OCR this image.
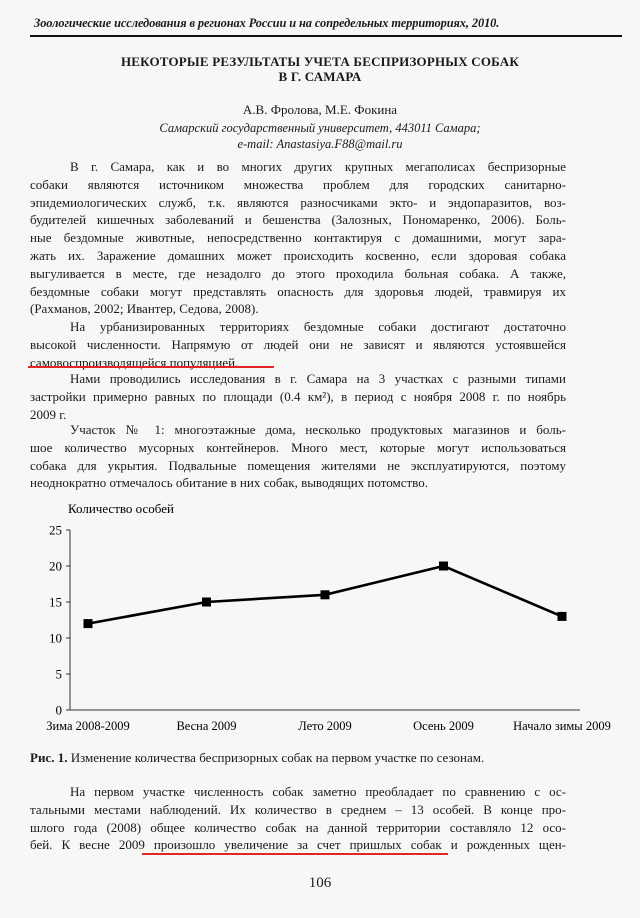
Зоологические исследования в регионах России и на сопредельных территориях, 2010.
НЕКОТОРЫЕ РЕЗУЛЬТАТЫ УЧЕТА БЕСПРИЗОРНЫХ СОБАК
В Г. САМАРА
А.В. Фролова, М.Е. Фокина
Самарский государственный университет, 443011 Самара;
e-mail: Anastasiya.F88@mail.ru
В г. Самара, как и во многих других крупных мегаполисах беспризорные
собаки являются источником множества проблем для городских санитарно-
эпидемиологических служб, т.к. являются разносчиками экто- и эндопаразитов, воз-
будителей кишечных заболеваний и бешенства (Залозных, Пономаренко, 2006). Боль-
ные бездомные животные, непосредственно контактируя с домашними, могут зара-
жать их. Заражение домашних может происходить косвенно, если здоровая собака
выгуливается в месте, где незадолго до этого проходила больная собака. А также,
бездомные собаки могут представлять опасность для здоровья людей, травмируя их
(Рахманов, 2002; Ивантер, Седова, 2008).
На урбанизированных территориях бездомные собаки достигают достаточно
высокой численности. Напрямую от людей они не зависят и являются устоявшейся
самовоспроизводящейся популяцией.
Нами проводились исследования в г. Самара на 3 участках с разными типами
застройки примерно равных по площади (0.4 км²), в период с ноября 2008 г. по ноябрь
2009 г.
Участок № 1: многоэтажные дома, несколько продуктовых магазинов и боль-
шое количество мусорных контейнеров. Много мест, которые могут использоваться
собака для укрытия. Подвальные помещения жителями не эксплуатируются, поэтому
неоднократно отмечалось обитание в них собак, выводящих потомство.
Количество особей
0
5
10
15
20
25
Зима 2008-2009	Весна 2009	Лето 2009	Осень 2009	Начало зимы 2009
Рис. 1. Изменение количества беспризорных собак на первом участке по сезонам.
На первом участке численность собак заметно преобладает по сравнению с ос-
тальными местами наблюдений. Их количество в среднем – 13 особей. В конце про-
шлого года (2008) общее количество собак на данной территории составляло 12 осо-
бей. К весне 2009 произошло увеличение за счет пришлых собак и рожденных щен-
106
